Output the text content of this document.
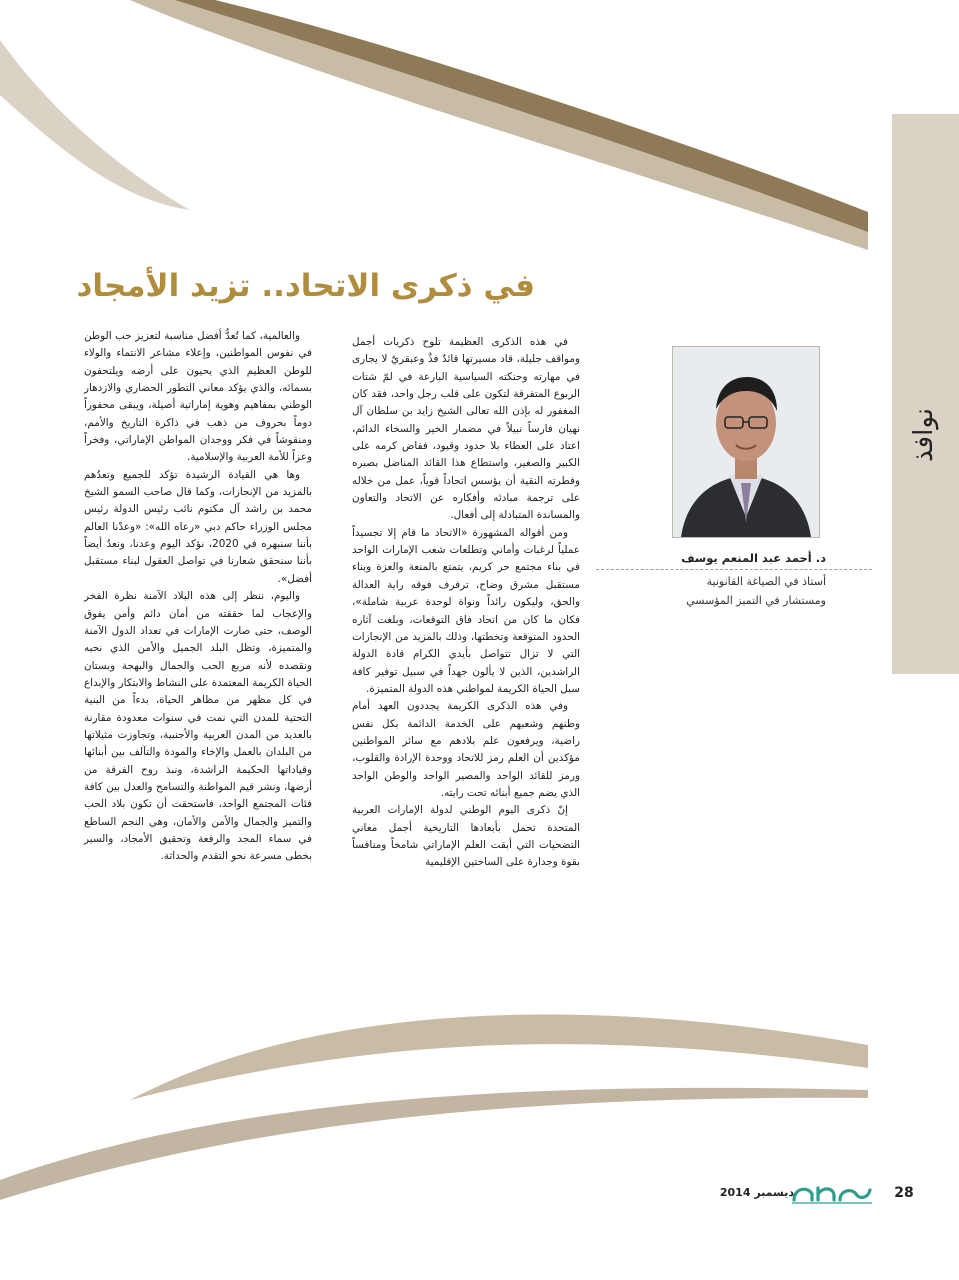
نوافذ
في ذكرى الاتحاد.. تزيد الأمجاد
د. أحمد عبد المنعم يوسف
أستاذ في الصياغة القانونية
ومستشار في التميز المؤسسي

في هذه الذكرى العظيمة تلوح ذكريات أجمل ومواقف جليلة، قاد مسيرتها قائدٌ فذٌ وعبقريٌ لا يجارى في مهارته وحنكته السياسية البارعة في لمّ شتات الربوع المتفرقة لتكون على قلب رجل واحد، فقد كان المغفور له بإذن الله تعالى الشيخ زايد بن سلطان آل نهيان فارساً نبيلاً في مضمار الخير والسخاء الدائم، اعتاد على العطاء بلا حدود وقيود، ففاض كرمه على الكبير والصغير، واستطاع هذا القائد المناضل بصبره وفطرته النقية أن يؤسس اتحاداً قوياً، عمل من خلاله على ترجمة مبادئه وأفكاره عن الاتحاد والتعاون والمساندة المتبادلة إلى أفعال.

ومن أقواله المشهورة «الاتحاد ما قام إلا تجسيداً عملياً لرغبات وأماني وتطلعات شعب الإمارات الواحد في بناء مجتمع حر كريم، يتمتع بالمنعة والعزة وبناء مستقبل مشرق وضاح، ترفرف فوقه راية العدالة والحق، وليكون رائداً ونواة لوحدة عربية شاملة»، فكان ما كان من اتحاد فاق التوقعات، وبلغت آثاره الحدود المتوقعة وتخطتها، وذلك بالمزيد من الإنجازات التي لا تزال تتواصل بأيدي الكرام قادة الدولة الراشدين، الذين لا يألون جهداً في سبيل توفير كافة سبل الحياة الكريمة لمواطني هذه الدولة المتميزة.

وفي هذه الذكرى الكريمة يجددون العهد أمام وطنهم وشعبهم على الخدمة الدائمة بكل نفس راضية، ويرفعون علم بلادهم مع سائر المواطنين مؤكدين أن العلم رمز للاتحاد ووحدة الإرادة والقلوب، ورمز للقائد الواحد والمصير الواحد والوطن الواحد الذي يضم جميع أبنائه تحت رايته.

إنّ ذكرى اليوم الوطني لدولة الإمارات العربية المتحدة تحمل بأبعادها التاريخية أجمل معاني التضحيات التي أبقت العلم الإماراتي شامخاً ومنافساً بقوة وجدارة على الساحتين الإقليمية

والعالمية، كما تُعدُّ أفضل مناسبة لتعزيز حب الوطن في نفوس المواطنين، وإعلاء مشاعر الانتماء والولاء للوطن العظيم الذي يحيون على أرضه ويلتحفون بسمائه، والذي يؤكد معاني التطور الحضاري والازدهار الوطني بمفاهيم وهوية إماراتية أصيلة، ويبقى محفوراً دوماً بحروف من ذهب في ذاكرة التاريخ والأمم، ومنقوشاً في فكر ووجدان المواطن الإماراتي، وفخراً وعزاً للأمة العربية والإسلامية.

وها هي القيادة الرشيدة تؤكد للجميع وتعدُهم بالمزيد من الإنجازات، وكما قال صاحب السمو الشيخ محمد بن راشد آل مكتوم نائب رئيس الدولة رئيس مجلس الوزراء حاكم دبي «رعاه الله»: «وعدْنا العالم بأننا سنبهره في 2020، نؤكد اليوم وعدنا، ونعدُ أيضاً بأننا سنحقق شعارنا في تواصل العقول لبناء مستقبل أفضل».

واليوم، ننظر إلى هذه البلاد الآمنة نظرة الفخر والإعجاب لما حققته من أمان دائم وأمن يفوق الوصف، حتى صارت الإمارات في تعداد الدول الآمنة والمتميزة، وتظل البلد الجميل والأمن الذي نحبه ونقصده لأنه مربع الحب والجمال والبهجة وبستان الحياة الكريمة المعتمدة على النشاط والابتكار والإبداع في كل مظهر من مظاهر الحياة، بدءاً من البنية التحتية للمدن التي نمت في سنوات معدودة مقارنة بالعديد من المدن العربية والأجنبية، وتجاوزت مثيلاتها من البلدان بالعمل والإخاء والمودة والتآلف بين أبنائها وقياداتها الحكيمة الراشدة، ونبذ روح الفرقة من أرضها، ونشر قيم المواطنة والتسامح والعدل بين كافة فئات المجتمع الواحد، فاستحقت أن تكون بلاد الحب والتميز والجمال والأمن والأمان، وهي النجم الساطع في سماء المجد والرفعة وتحقيق الأمجاد، والسير بخطى مسرعة نحو التقدم والحداثة.

28
ديسمبر 2014
